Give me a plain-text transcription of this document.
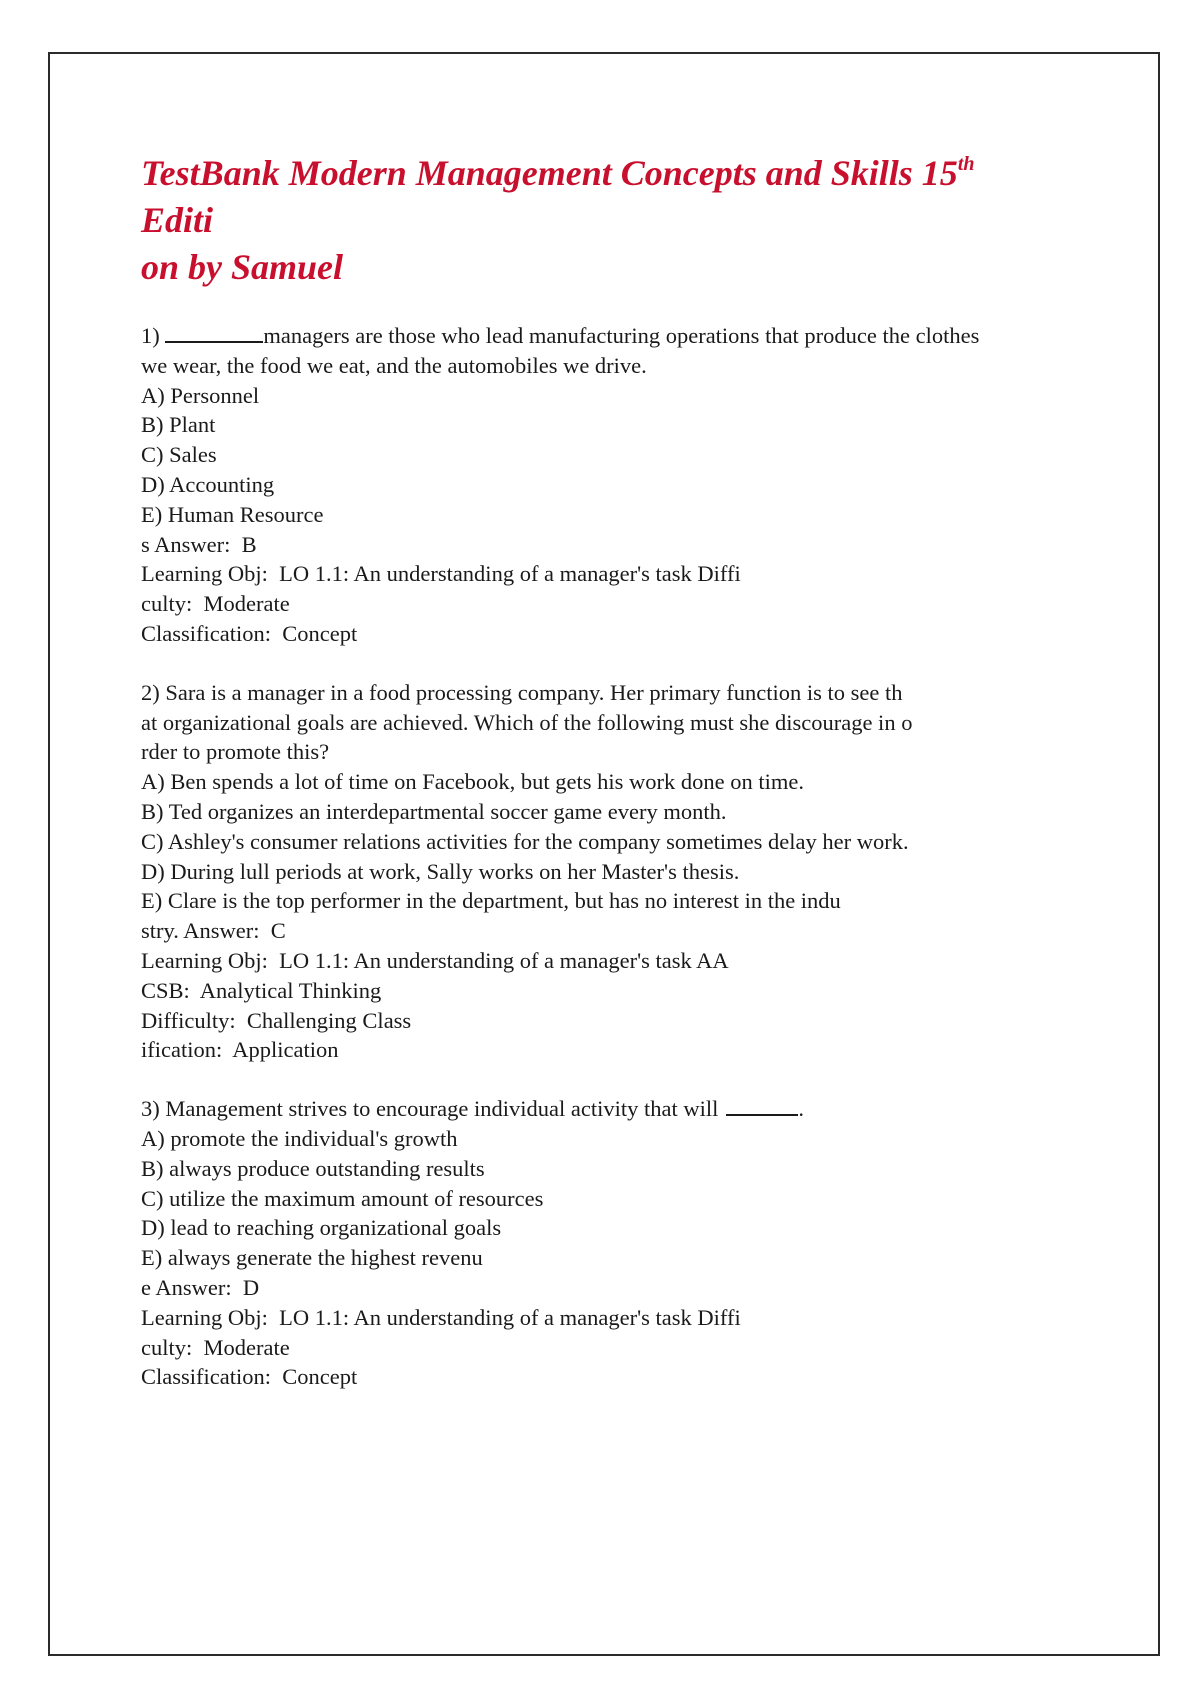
TestBank Modern Management Concepts and Skills 15th Editi
on by Samuel
1)	managers are those who lead manufacturing operations that produce the clothes
we wear, the food we eat, and the automobiles we drive.
A) Personnel
B) Plant
C) Sales
D) Accounting
E) Human Resource
s Answer:  B
Learning Obj:  LO 1.1: An understanding of a manager's task Diffi
culty:  Moderate
Classification:  Concept
2) Sara is a manager in a food processing company. Her primary function is to see th
at organizational goals are achieved. Which of the following must she discourage in o
rder to promote this?
A) Ben spends a lot of time on Facebook, but gets his work done on time.
B) Ted organizes an interdepartmental soccer game every month.
C) Ashley's consumer relations activities for the company sometimes delay her work.
D) During lull periods at work, Sally works on her Master's thesis.
E) Clare is the top performer in the department, but has no interest in the indu
stry. Answer:  C
Learning Obj:  LO 1.1: An understanding of a manager's task AA
CSB:  Analytical Thinking
Difficulty:  Challenging Class
ification:  Application
3) Management strives to encourage individual activity that will	.
A) promote the individual's growth
B) always produce outstanding results
C) utilize the maximum amount of resources
D) lead to reaching organizational goals
E) always generate the highest revenu
e Answer:  D
Learning Obj:  LO 1.1: An understanding of a manager's task Diffi
culty:  Moderate
Classification:  Concept
